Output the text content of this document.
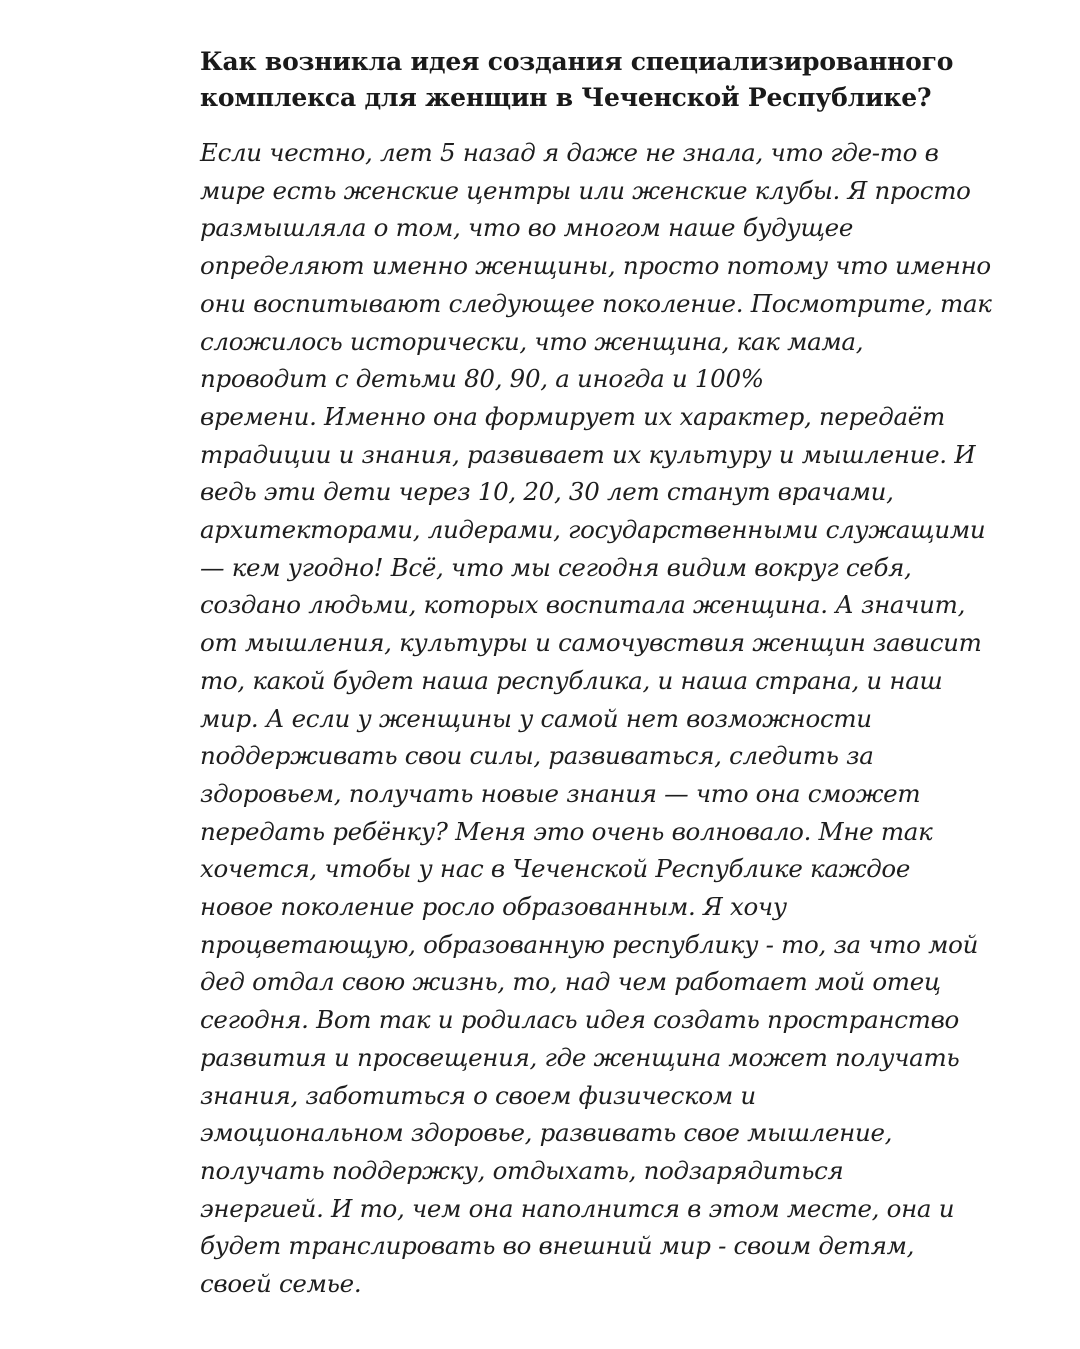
Как возникла идея создания специализированного
комплекса для женщин в Чеченской Республике?
Если честно, лет 5 назад я даже не знала, что где-то в
мире есть женские центры или женские клубы. Я просто
размышляла о том, что во многом наше будущее
определяют именно женщины, просто потому что именно
они воспитывают следующее поколение. Посмотрите, так
сложилось исторически, что женщина, как мама,
проводит с детьми 80, 90, а иногда и 100%
времени. Именно она формирует их характер, передаёт
традиции и знания, развивает их культуру и мышление. И
ведь эти дети через 10, 20, 30 лет станут врачами,
архитекторами, лидерами, государственными служащими
— кем угодно! Всё, что мы сегодня видим вокруг себя,
создано людьми, которых воспитала женщина. А значит,
от мышления, культуры и самочувствия женщин зависит
то, какой будет наша республика, и наша страна, и наш
мир. А если у женщины у самой нет возможности
поддерживать свои силы, развиваться, следить за
здоровьем, получать новые знания — что она сможет
передать ребёнку? Меня это очень волновало. Мне так
хочется, чтобы у нас в Чеченской Республике каждое
новое поколение росло образованным. Я хочу
процветающую, образованную республику - то, за что мой
дед отдал свою жизнь, то, над чем работает мой отец
сегодня. Вот так и родилась идея создать пространство
развития и просвещения, где женщина может получать
знания, заботиться о своем физическом и
эмоциональном здоровье, развивать свое мышление,
получать поддержку, отдыхать, подзарядиться
энергией. И то, чем она наполнится в этом месте, она и
будет транслировать во внешний мир - своим детям,
своей семье.
